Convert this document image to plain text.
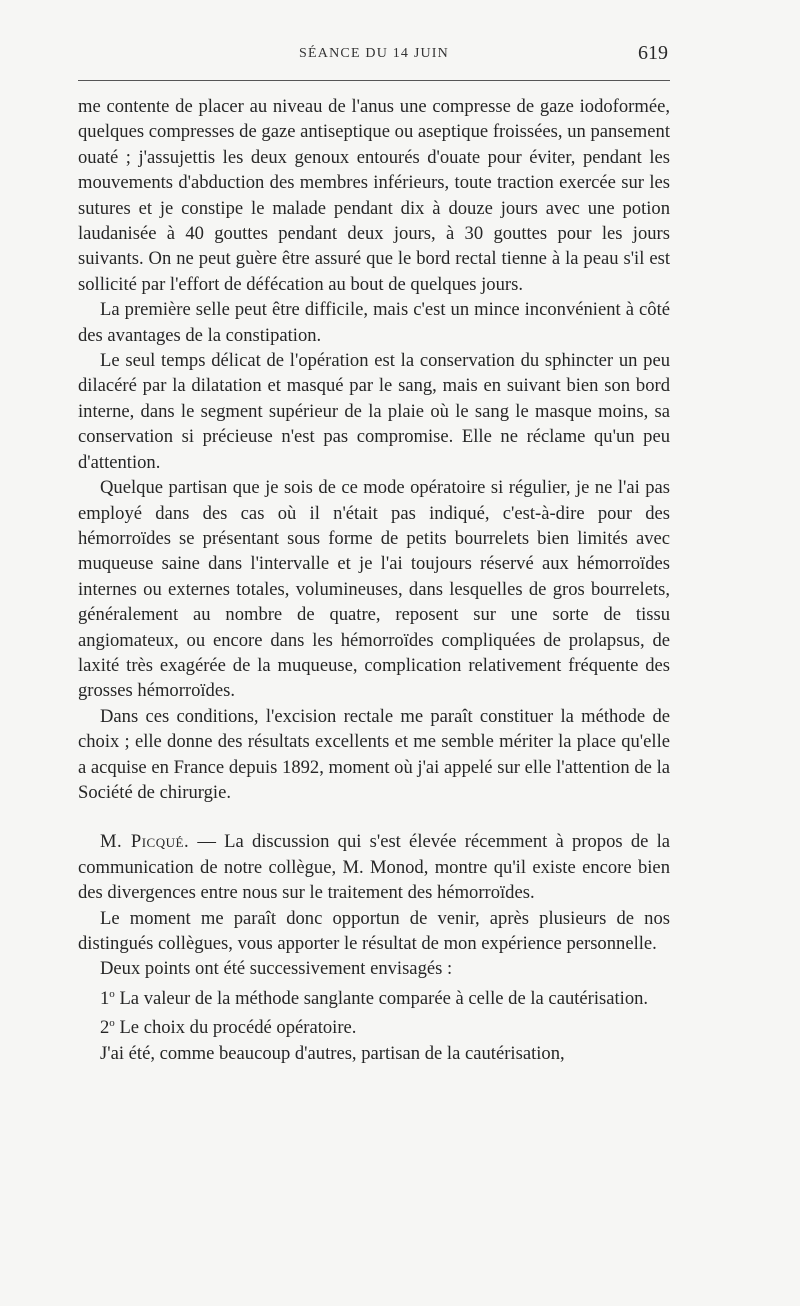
SÉANCE DU 14 JUIN	619

me contente de placer au niveau de l'anus une compresse de gaze iodoformée, quelques compresses de gaze antiseptique ou aseptique froissées, un pansement ouaté ; j'assujettis les deux genoux entourés d'ouate pour éviter, pendant les mouvements d'abduction des membres inférieurs, toute traction exercée sur les sutures et je constipe le malade pendant dix à douze jours avec une potion laudanisée à 40 gouttes pendant deux jours, à 30 gouttes pour les jours suivants. On ne peut guère être assuré que le bord rectal tienne à la peau s'il est sollicité par l'effort de défécation au bout de quelques jours.

La première selle peut être difficile, mais c'est un mince inconvénient à côté des avantages de la constipation.

Le seul temps délicat de l'opération est la conservation du sphincter un peu dilacéré par la dilatation et masqué par le sang, mais en suivant bien son bord interne, dans le segment supérieur de la plaie où le sang le masque moins, sa conservation si précieuse n'est pas compromise. Elle ne réclame qu'un peu d'attention.

Quelque partisan que je sois de ce mode opératoire si régulier, je ne l'ai pas employé dans des cas où il n'était pas indiqué, c'est-à-dire pour des hémorroïdes se présentant sous forme de petits bourrelets bien limités avec muqueuse saine dans l'intervalle et je l'ai toujours réservé aux hémorroïdes internes ou externes totales, volumineuses, dans lesquelles de gros bourrelets, généralement au nombre de quatre, reposent sur une sorte de tissu angiomateux, ou encore dans les hémorroïdes compliquées de prolapsus, de laxité très exagérée de la muqueuse, complication relativement fréquente des grosses hémorroïdes.

Dans ces conditions, l'excision rectale me paraît constituer la méthode de choix ; elle donne des résultats excellents et me semble mériter la place qu'elle a acquise en France depuis 1892, moment où j'ai appelé sur elle l'attention de la Société de chirurgie.

M. Picqué. — La discussion qui s'est élevée récemment à propos de la communication de notre collègue, M. Monod, montre qu'il existe encore bien des divergences entre nous sur le traitement des hémorroïdes.

Le moment me paraît donc opportun de venir, après plusieurs de nos distingués collègues, vous apporter le résultat de mon expérience personnelle.

Deux points ont été successivement envisagés :

1$^o$ La valeur de la méthode sanglante comparée à celle de la cautérisation.

2$^o$ Le choix du procédé opératoire.

J'ai été, comme beaucoup d'autres, partisan de la cautérisation,
